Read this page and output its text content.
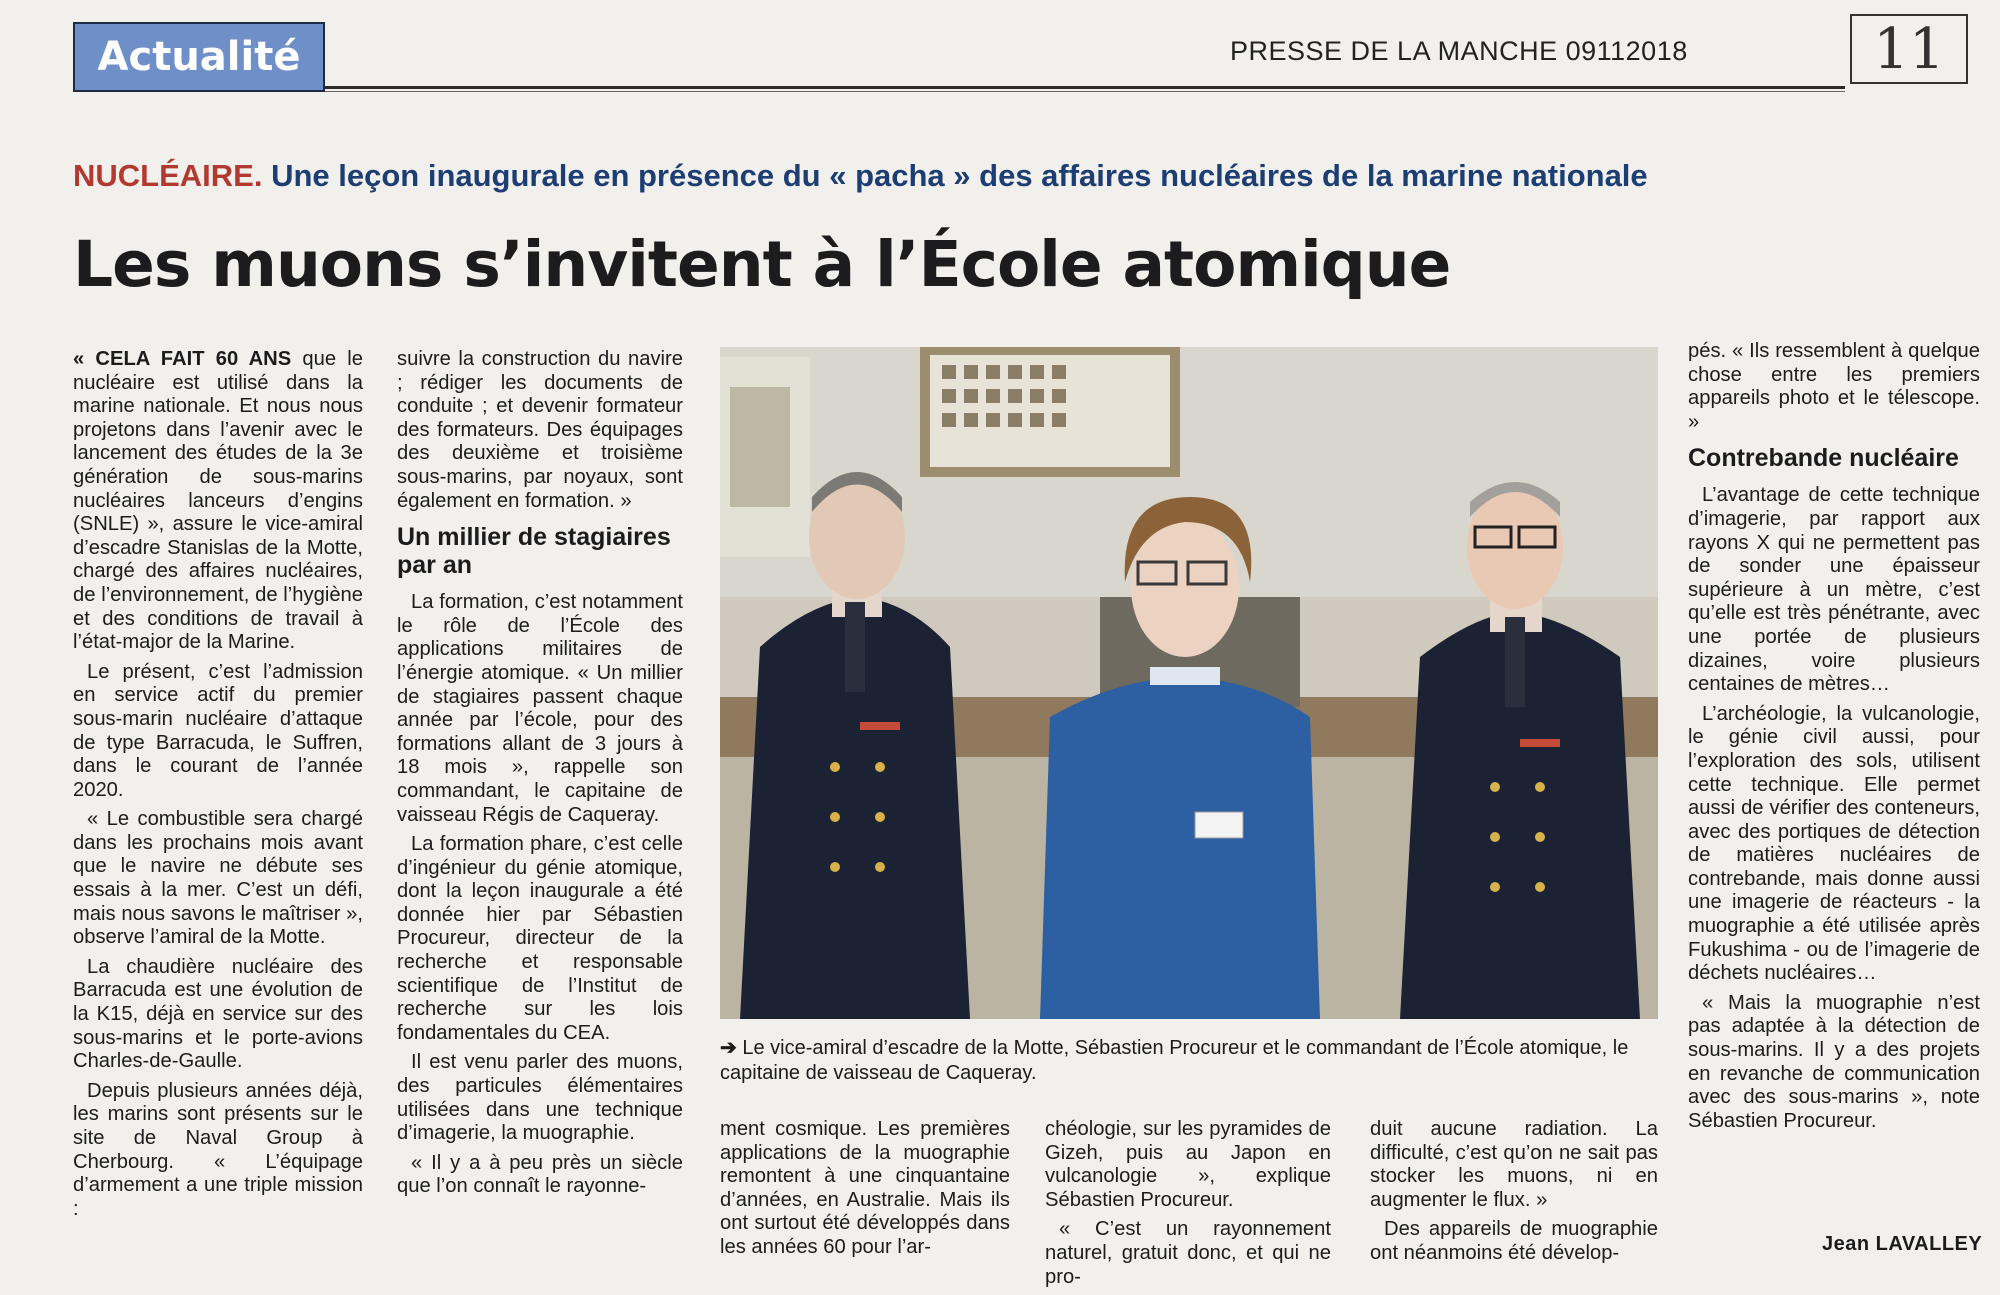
Actualité	PRESSE DE LA MANCHE 09112018	11
NUCLÉAIRE. Une leçon inaugurale en présence du « pacha » des affaires nucléaires de la marine nationale
Les muons s’invitent à l’École atomique

« CELA FAIT 60 ANS que le nucléaire est utilisé dans la marine nationale. Et nous nous projetons dans l’avenir avec le lancement des études de la 3e génération de sous-marins nucléaires lanceurs d’engins (SNLE) », assure le vice-amiral d’escadre Stanislas de la Motte, chargé des affaires nucléaires, de l’environnement, de l’hygiène et des conditions de travail à l’état-major de la Marine.

Le présent, c’est l’admission en service actif du premier sous-marin nucléaire d’attaque de type Barracuda, le Suffren, dans le courant de l’année 2020.

« Le combustible sera chargé dans les prochains mois avant que le navire ne débute ses essais à la mer. C’est un défi, mais nous savons le maîtriser », observe l’amiral de la Motte.

La chaudière nucléaire des Barracuda est une évolution de la K15, déjà en service sur des sous-marins et le porte-avions Charles-de-Gaulle.

Depuis plusieurs années déjà, les marins sont présents sur le site de Naval Group à Cherbourg. « L’équipage d’armement a une triple mission :

suivre la construction du navire ; rédiger les documents de conduite ; et devenir formateur des formateurs. Des équipages des deuxième et troisième sous-marins, par noyaux, sont également en formation. »

Un millier de stagiaires par an

La formation, c’est notamment le rôle de l’École des applications militaires de l’énergie atomique. « Un millier de stagiaires passent chaque année par l’école, pour des formations allant de 3 jours à 18 mois », rappelle son commandant, le capitaine de vaisseau Régis de Caqueray.

La formation phare, c’est celle d’ingénieur du génie atomique, dont la leçon inaugurale a été donnée hier par Sébastien Procureur, directeur de la recherche et responsable scientifique de l’Institut de recherche sur les lois fondamentales du CEA.

Il est venu parler des muons, des particules élémentaires utilisées dans une technique d’imagerie, la muographie.

« Il y a à peu près un siècle que l’on connaît le rayonne-

➔ Le vice-amiral d’escadre de la Motte, Sébastien Procureur et le commandant de l’École atomique, le capitaine de vaisseau de Caqueray.

ment cosmique. Les premières applications de la muographie remontent à une cinquantaine d’années, en Australie. Mais ils ont surtout été développés dans les années 60 pour l’ar-

chéologie, sur les pyramides de Gizeh, puis au Japon en vulcanologie », explique Sébastien Procureur.

« C’est un rayonnement naturel, gratuit donc, et qui ne pro-

duit aucune radiation. La difficulté, c’est qu’on ne sait pas stocker les muons, ni en augmenter le flux. »

Des appareils de muographie ont néanmoins été dévelop-

pés. « Ils ressemblent à quelque chose entre les premiers appareils photo et le télescope. »

Contrebande nucléaire

L’avantage de cette technique d’imagerie, par rapport aux rayons X qui ne permettent pas de sonder une épaisseur supérieure à un mètre, c’est qu’elle est très pénétrante, avec une portée de plusieurs dizaines, voire plusieurs centaines de mètres…

L’archéologie, la vulcanologie, le génie civil aussi, pour l’exploration des sols, utilisent cette technique. Elle permet aussi de vérifier des conteneurs, avec des portiques de détection de matières nucléaires de contrebande, mais donne aussi une imagerie de réacteurs - la muographie a été utilisée après Fukushima - ou de l’imagerie de déchets nucléaires…

« Mais la muographie n’est pas adaptée à la détection de sous-marins. Il y a des projets en revanche de communication avec des sous-marins », note Sébastien Procureur.

Jean LAVALLEY
